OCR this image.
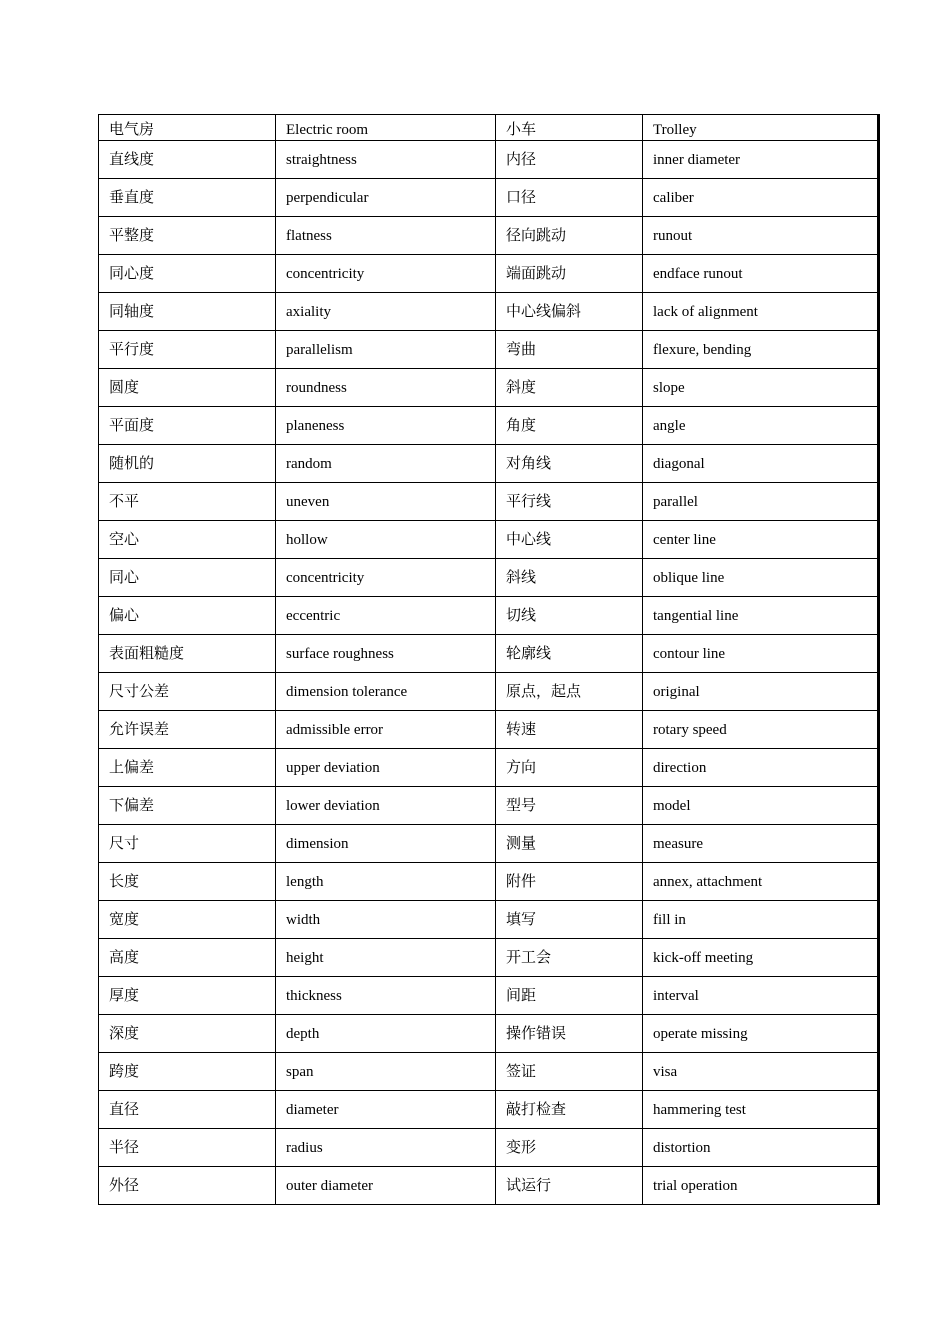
电气房	Electric room	小车	Trolley
直线度	straightness	内径	inner diameter
垂直度	perpendicular	口径	caliber
平整度	flatness	径向跳动	runout
同心度	concentricity	端面跳动	endface runout
同轴度	axiality	中心线偏斜	lack of alignment
平行度	parallelism	弯曲	flexure, bending
圆度	roundness	斜度	slope
平面度	planeness	角度	angle
随机的	random	对角线	diagonal
不平	uneven	平行线	parallel
空心	hollow	中心线	center line
同心	concentricity	斜线	oblique line
偏心	eccentric	切线	tangential line
表面粗糙度	surface roughness	轮廓线	contour line
尺寸公差	dimension tolerance	原点，起点	original
允许误差	admissible error	转速	rotary speed
上偏差	upper deviation	方向	direction
下偏差	lower deviation	型号	model
尺寸	dimension	测量	measure
长度	length	附件	annex, attachment
宽度	width	填写	fill in
高度	height	开工会	kick-off meeting
厚度	thickness	间距	interval
深度	depth	操作错误	operate missing
跨度	span	签证	visa
直径	diameter	敲打检查	hammering test
半径	radius	变形	distortion
外径	outer diameter	试运行	trial operation
